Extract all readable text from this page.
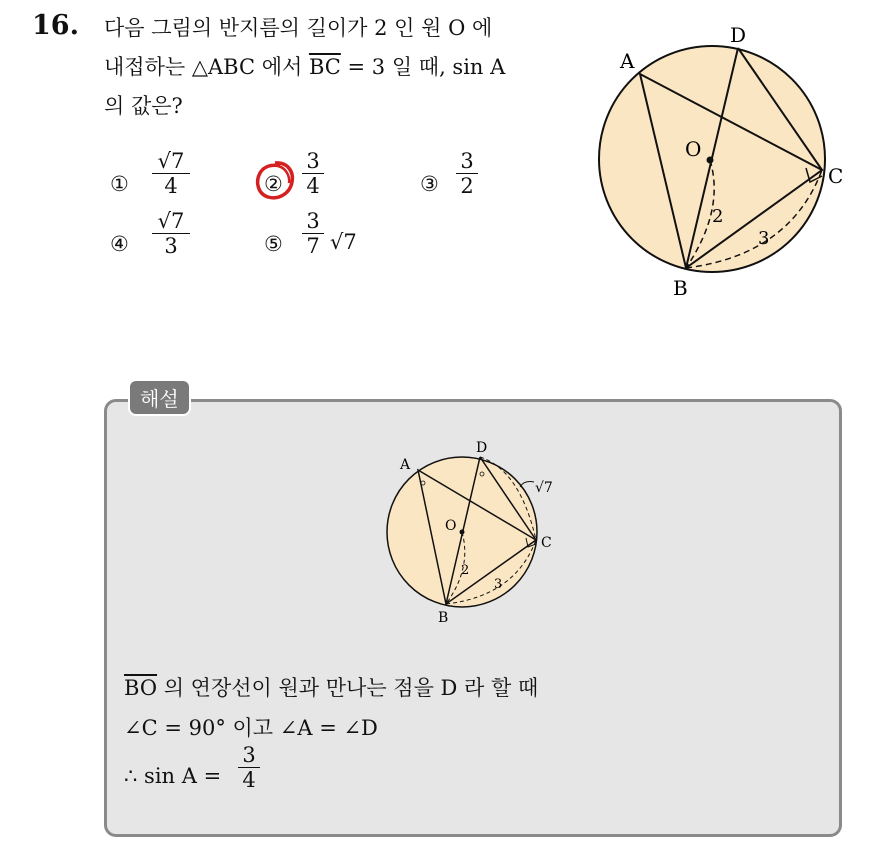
16. 다음 그림의 반지름의 길이가 2 인 원 O 에
내접하는 △ABC 에서 $\overline{BC} = 3$ 일 때, sin A
의 값은?
①
√7
4	②
3
4	③
3
2
④
√7
3	⑤
3
7 √7
A
D
C
B
O
2
3
해설
A
D
C
B
O
2
3
√7
$\overline{BO}$ 의 연장선이 원과 만나는 점을 D 라 할 때
∠C = 90° 이고 ∠A = ∠D
∴ sin A =
3
4
